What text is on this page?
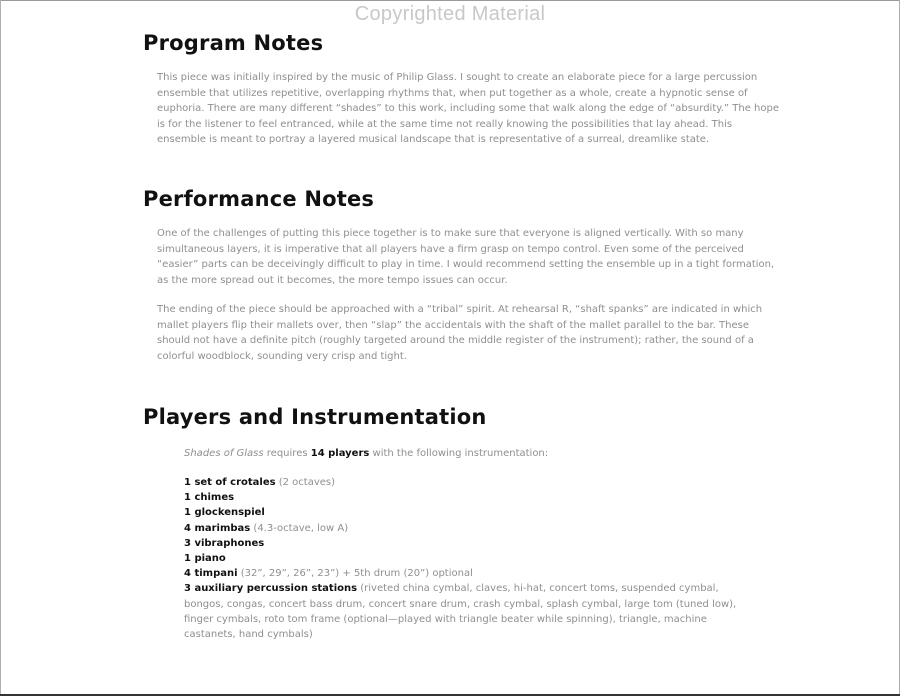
Copyrighted Material
Program Notes

This piece was initially inspired by the music of Philip Glass. I sought to create an elaborate piece for a large percussion ensemble that utilizes repetitive, overlapping rhythms that, when put together as a whole, create a hypnotic sense of euphoria. There are many different “shades” to this work, including some that walk along the edge of “absurdity.” The hope is for the listener to feel entranced, while at the same time not really knowing the possibilities that lay ahead. This ensemble is meant to portray a layered musical landscape that is representative of a surreal, dreamlike state.

Performance Notes

One of the challenges of putting this piece together is to make sure that everyone is aligned vertically. With so many simultaneous layers, it is imperative that all players have a firm grasp on tempo control. Even some of the perceived “easier” parts can be deceivingly difficult to play in time. I would recommend setting the ensemble up in a tight formation, as the more spread out it becomes, the more tempo issues can occur.

The ending of the piece should be approached with a “tribal” spirit. At rehearsal R, “shaft spanks” are indicated in which mallet players flip their mallets over, then “slap” the accidentals with the shaft of the mallet parallel to the bar. These should not have a definite pitch (roughly targeted around the middle register of the instrument); rather, the sound of a colorful woodblock, sounding very crisp and tight.

Players and Instrumentation

Shades of Glass requires 14 players with the following instrumentation:

1 set of crotales (2 octaves)
1 chimes
1 glockenspiel
4 marimbas (4.3-octave, low A)
3 vibraphones
1 piano
4 timpani (32”, 29”, 26”, 23”) + 5th drum (20”) optional
3 auxiliary percussion stations (riveted china cymbal, claves, hi-hat, concert toms, suspended cymbal, bongos, congas, concert bass drum, concert snare drum, crash cymbal, splash cymbal, large tom (tuned low), finger cymbals, roto tom frame (optional—played with triangle beater while spinning), triangle, machine castanets, hand cymbals)
